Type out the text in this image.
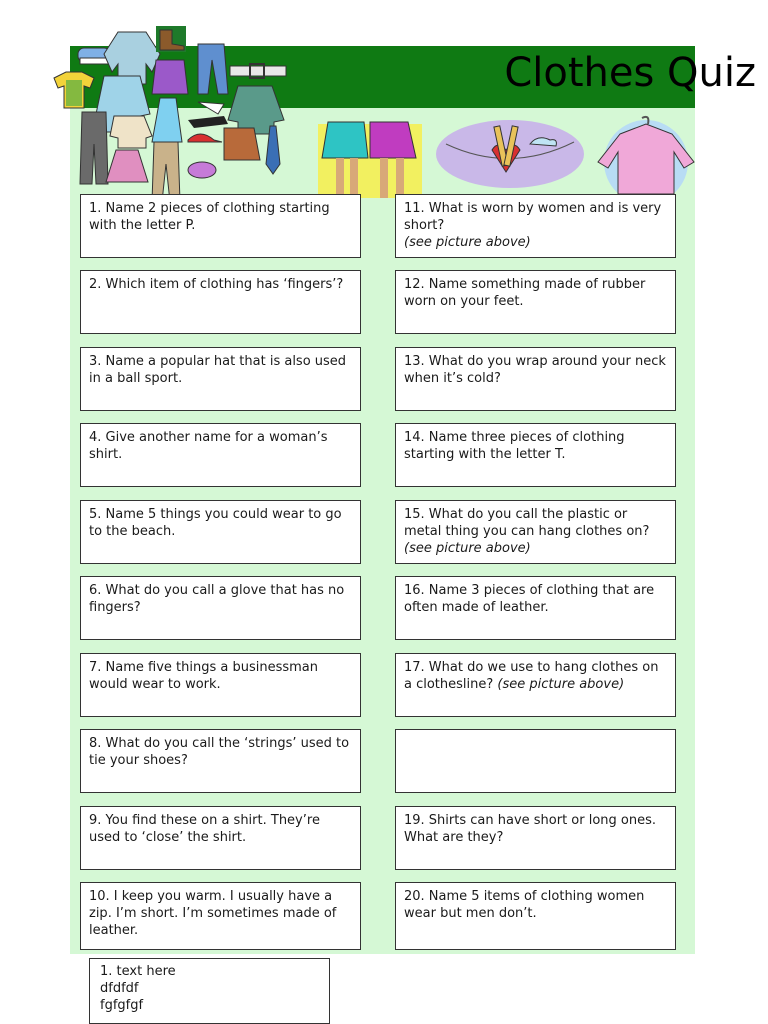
Clothes Quiz
1. text here
dfdfdf
fgfgfgf
1. Name 2 pieces of clothing starting with the letter P.
2. Which item of clothing has ‘fingers’?
3. Name a popular hat that is also used in a ball sport.
4. Give another name for a woman’s shirt.
5. Name 5 things you could wear to go to the beach.
6. What do you call a glove that has no fingers?
7. Name five things a businessman would wear to work.
8. What do you call the ‘strings’ used to tie your shoes?
9. You find these on a shirt. They’re used to ‘close’ the shirt.
10. I keep you warm. I usually have a zip. I’m short. I’m sometimes made of leather.
11. What is worn by women and is very short?
(see picture above)
12. Name something made of rubber worn on your feet.
13. What do you wrap around your neck when it’s cold?
14. Name three pieces of clothing starting with the letter T.
15. What do you call the plastic or metal thing you can hang clothes on?
(see picture above)
16. Name 3 pieces of clothing that are often made of leather.
17. What do we use to hang clothes on a clothesline? (see picture above)
19. Shirts can have short or long ones. What are they?
20. Name 5 items of clothing women wear but men don’t.
